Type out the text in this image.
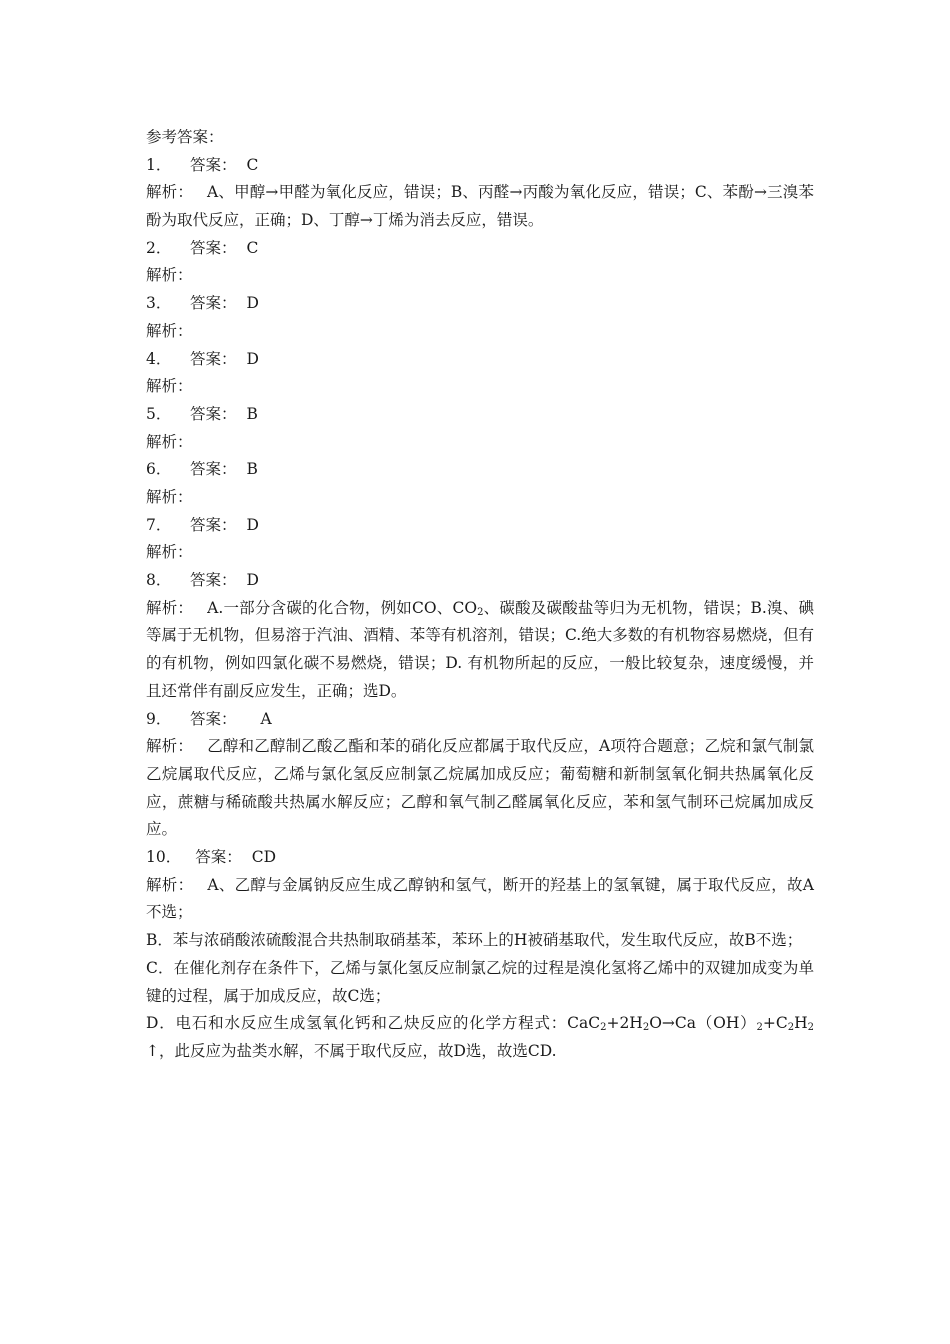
参考答案：
1． 答案： C
解析： A、甲醇→甲醛为氧化反应，错误；B、丙醛→丙酸为氧化反应，错误；C、苯酚→三溴苯酚为取代反应，正确；D、丁醇→丁烯为消去反应，错误。
2． 答案： C
解析：
3． 答案： D
解析：
4． 答案： D
解析：
5． 答案： B
解析：
6． 答案： B
解析：
7． 答案： D
解析：
8． 答案： D
解析： A.一部分含碳的化合物，例如CO、$CO_2$、碳酸及碳酸盐等归为无机物，错误；B.溴、碘等属于无机物，但易溶于汽油、酒精、苯等有机溶剂，错误；C.绝大多数的有机物容易燃烧，但有的有机物，例如四氯化碳不易燃烧，错误；D. 有机物所起的反应，一般比较复杂，速度缓慢，并且还常伴有副反应发生，正确；选D。
9． 答案： A
解析： 乙醇和乙醇制乙酸乙酯和苯的硝化反应都属于取代反应，A项符合题意；乙烷和氯气制氯乙烷属取代反应，乙烯与氯化氢反应制氯乙烷属加成反应；葡萄糖和新制氢氧化铜共热属氧化反应，蔗糖与稀硫酸共热属水解反应；乙醇和氧气制乙醛属氧化反应，苯和氢气制环己烷属加成反应。
10． 答案： CD
解析： A、乙醇与金属钠反应生成乙醇钠和氢气，断开的羟基上的氢氧键，属于取代反应，故A不选；
B．苯与浓硝酸浓硫酸混合共热制取硝基苯，苯环上的H被硝基取代，发生取代反应，故B不选；
C．在催化剂存在条件下，乙烯与氯化氢反应制氯乙烷的过程是溴化氢将乙烯中的双键加成变为单键的过程，属于加成反应，故C选；
D．电石和水反应生成氢氧化钙和乙炔反应的化学方程式：$CaC_2+2H_2O\to Ca(OH)_2+C_2H_2↑$，此反应为盐类水解，不属于取代反应，故D选，故选CD.
